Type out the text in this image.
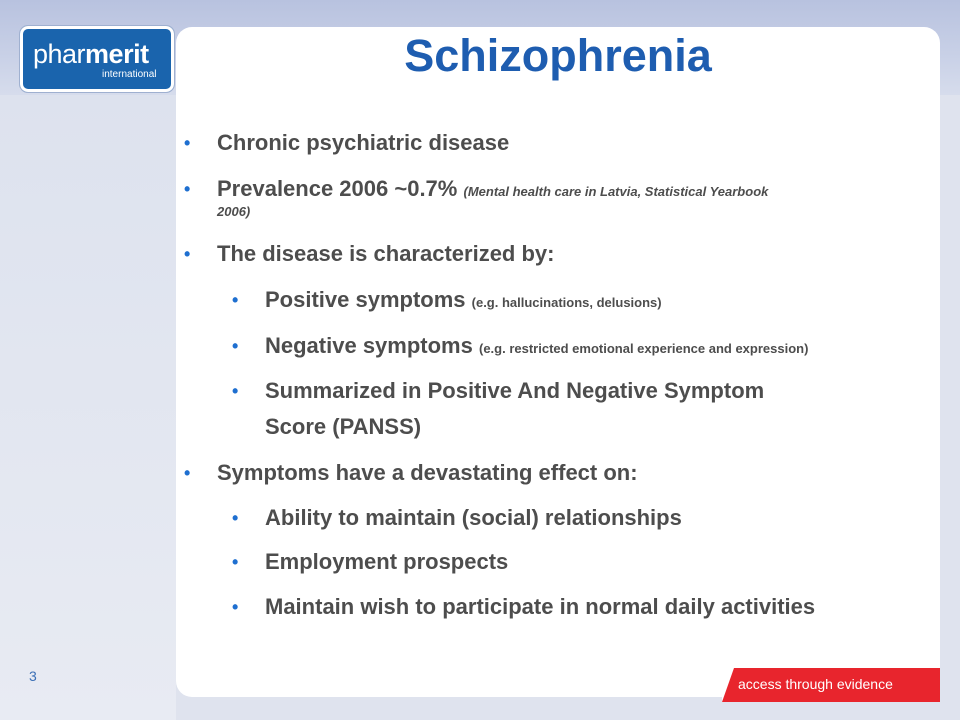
pharmerit
international	Schizophrenia
• Chronic psychiatric disease
• Prevalence 2006 ~0.7% (Mental health care in Latvia, Statistical Yearbook
2006)
• The disease is characterized by:
• Positive symptoms (e.g. hallucinations, delusions)
• Negative symptoms (e.g. restricted emotional experience and expression)
• Summarized in Positive And Negative Symptom
Score (PANSS)
• Symptoms have a devastating effect on:
• Ability to maintain (social) relationships
• Employment prospects
• Maintain wish to participate in normal daily activities
3	access through evidence
